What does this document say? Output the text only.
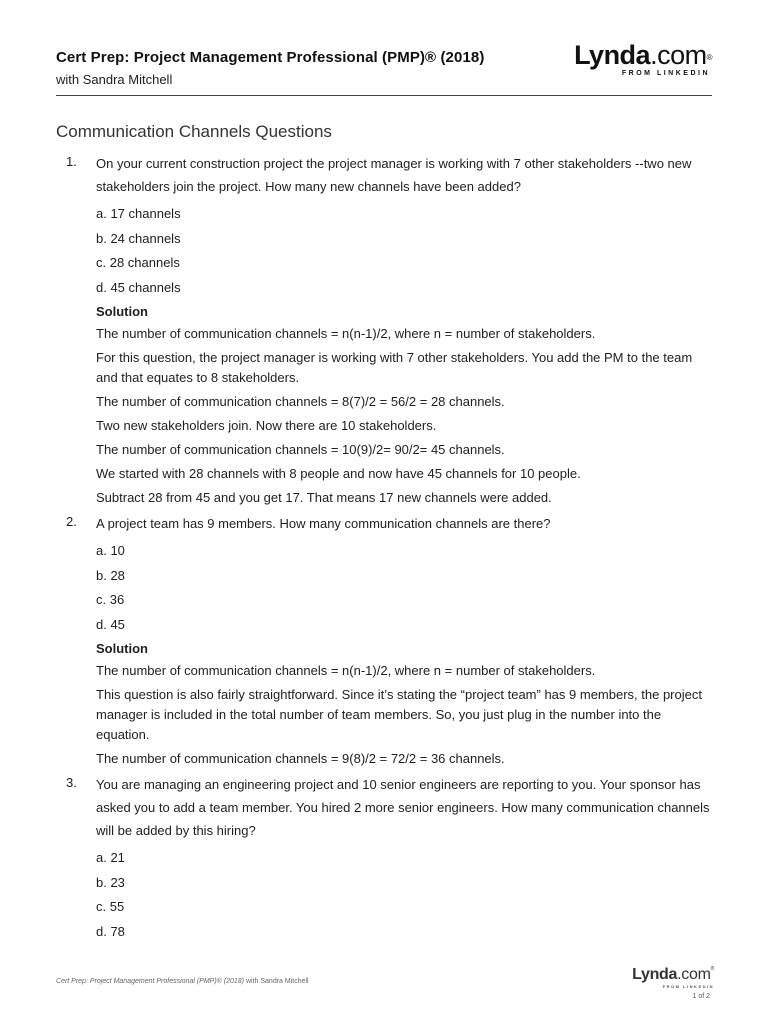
Cert Prep: Project Management Professional (PMP)® (2018)
with Sandra Mitchell
Lynda.com®
FROM LINKEDIN
Communication Channels Questions
1. On your current construction project the project manager is working with 7 other stakeholders --two new stakeholders join the project. How many new channels have been added?

a. 17 channels

b. 24 channels

c. 28 channels

d. 45 channels

Solution

The number of communication channels = n(n-1)/2, where n = number of stakeholders.

For this question, the project manager is working with 7 other stakeholders. You add the PM to the team and that equates to 8 stakeholders.

The number of communication channels = 8(7)/2 = 56/2 = 28 channels.

Two new stakeholders join. Now there are 10 stakeholders.

The number of communication channels = 10(9)/2= 90/2= 45 channels.

We started with 28 channels with 8 people and now have 45 channels for 10 people.

Subtract 28 from 45 and you get 17. That means 17 new channels were added.

2. A project team has 9 members. How many communication channels are there?

a. 10

b. 28

c. 36

d. 45

Solution

The number of communication channels = n(n-1)/2, where n = number of stakeholders.

This question is also fairly straightforward. Since it’s stating the “project team” has 9 members, the project manager is included in the total number of team members. So, you just plug in the number into the equation.

The number of communication channels = 9(8)/2 = 72/2 = 36 channels.

3. You are managing an engineering project and 10 senior engineers are reporting to you. Your sponsor has asked you to add a team member. You hired 2 more senior engineers. How many communication channels will be added by this hiring?

a. 21

b. 23

c. 55

d. 78

Cert Prep: Project Management Professional (PMP)® (2018) with Sandra Mitchell	Lynda.com®
FROM LINKEDIN
1 of 2
